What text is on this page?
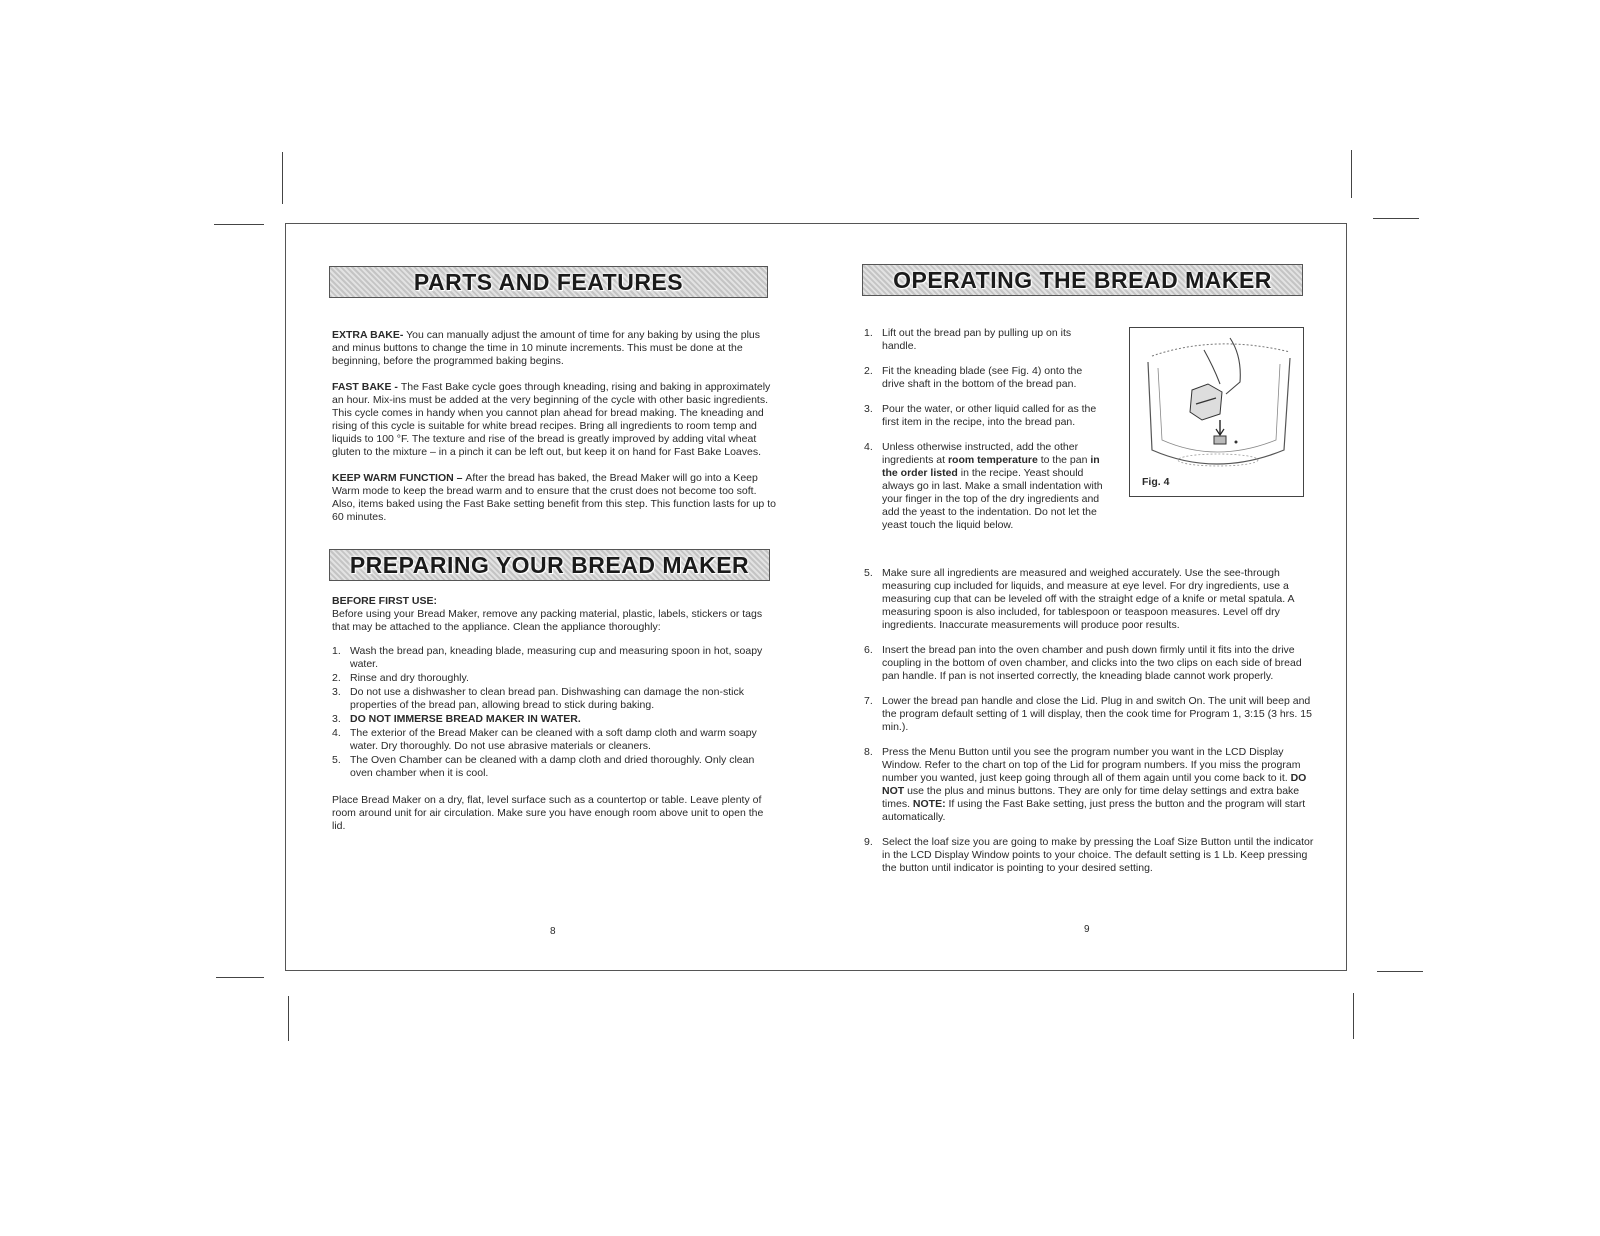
PARTS AND FEATURES

EXTRA BAKE- You can manually adjust the amount of time for any baking by using the plus and minus buttons to change the time in 10 minute increments. This must be done at the beginning, before the programmed baking begins.

FAST BAKE - The Fast Bake cycle goes through kneading, rising and baking in approximately an hour. Mix-ins must be added at the very beginning of the cycle with other basic ingredients. This cycle comes in handy when you cannot plan ahead for bread making. The kneading and rising of this cycle is suitable for white bread recipes. Bring all ingredients to room temp and liquids to 100 °F. The texture and rise of the bread is greatly improved by adding vital wheat gluten to the mixture – in a pinch it can be left out, but keep it on hand for Fast Bake Loaves.

KEEP WARM FUNCTION – After the bread has baked, the Bread Maker will go into a Keep Warm mode to keep the bread warm and to ensure that the crust does not become too soft. Also, items baked using the Fast Bake setting benefit from this step. This function lasts for up to 60 minutes.

PREPARING YOUR BREAD MAKER
BEFORE FIRST USE:

Before using your Bread Maker, remove any packing material, plastic, labels, stickers or tags that may be attached to the appliance. Clean the appliance thoroughly:

1. Wash the bread pan, kneading blade, measuring cup and measuring spoon in hot, soapy water.
2. Rinse and dry thoroughly.
3. Do not use a dishwasher to clean bread pan. Dishwashing can damage the non-stick properties of the bread pan, allowing bread to stick during baking.
3. DO NOT IMMERSE BREAD MAKER IN WATER.
4. The exterior of the Bread Maker can be cleaned with a soft damp cloth and warm soapy water. Dry thoroughly. Do not use abrasive materials or cleaners.
5. The Oven Chamber can be cleaned with a damp cloth and dried thoroughly. Only clean oven chamber when it is cool.

Place Bread Maker on a dry, flat, level surface such as a countertop or table. Leave plenty of room around unit for air circulation. Make sure you have enough room above unit to open the lid.

8
OPERATING THE BREAD MAKER
1. Lift out the bread pan by pulling up on its handle.
2. Fit the kneading blade (see Fig. 4) onto the drive shaft in the bottom of the bread pan.
3. Pour the water, or other liquid called for as the first item in the recipe, into the bread pan.
4. Unless otherwise instructed, add the other ingredients at room temperature to the pan in the order listed in the recipe. Yeast should always go in last. Make a small indentation with your finger in the top of the dry ingredients and add the yeast to the indentation. Do not let the yeast touch the liquid below.
Fig. 4
5. Make sure all ingredients are measured and weighed accurately. Use the see-through measuring cup included for liquids, and measure at eye level. For dry ingredients, use a measuring cup that can be leveled off with the straight edge of a knife or metal spatula. A measuring spoon is also included, for tablespoon or teaspoon measures. Level off dry ingredients. Inaccurate measurements will produce poor results.
6. Insert the bread pan into the oven chamber and push down firmly until it fits into the drive coupling in the bottom of oven chamber, and clicks into the two clips on each side of bread pan handle. If pan is not inserted correctly, the kneading blade cannot work properly.
7. Lower the bread pan handle and close the Lid. Plug in and switch On. The unit will beep and the program default setting of 1 will display, then the cook time for Program 1, 3:15 (3 hrs. 15 min.).
8. Press the Menu Button until you see the program number you want in the LCD Display Window. Refer to the chart on top of the Lid for program numbers. If you miss the program number you wanted, just keep going through all of them again until you come back to it. DO NOT use the plus and minus buttons. They are only for time delay settings and extra bake times. NOTE: If using the Fast Bake setting, just press the button and the program will start automatically.
9. Select the loaf size you are going to make by pressing the Loaf Size Button until the indicator in the LCD Display Window points to your choice. The default setting is 1 Lb. Keep pressing the button until indicator is pointing to your desired setting.
9
